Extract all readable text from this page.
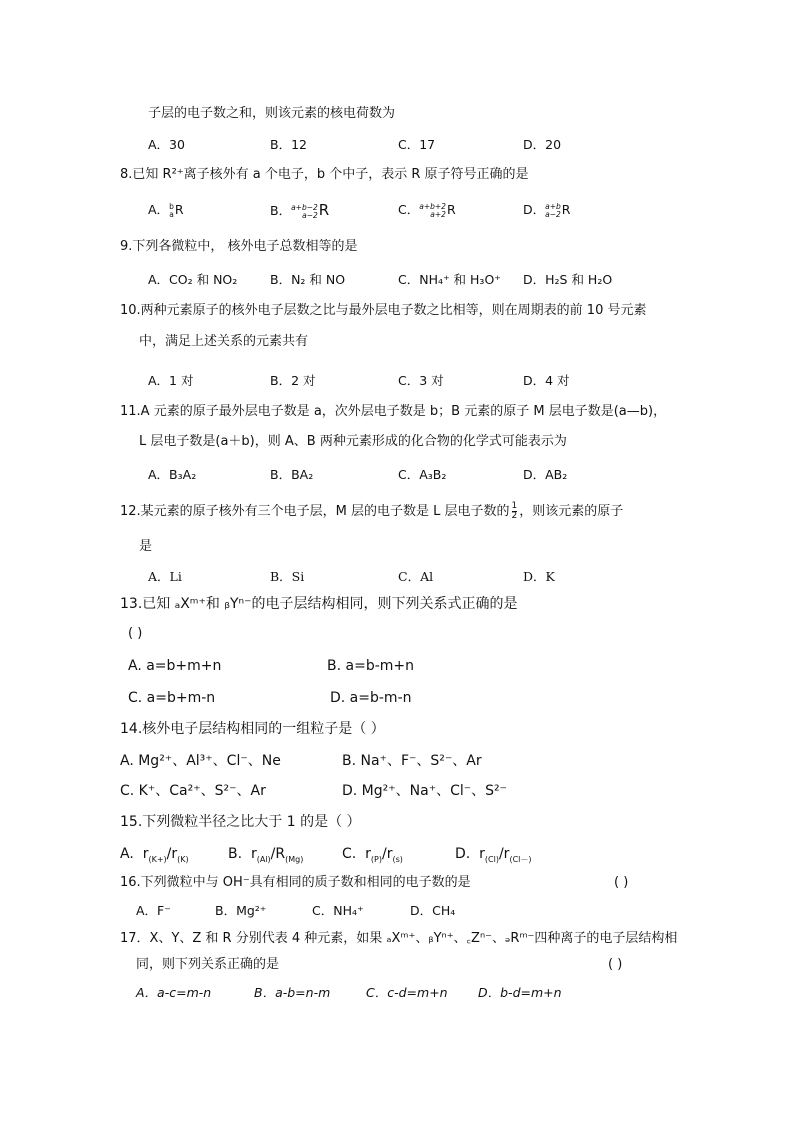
子层的电子数之和，则该元素的核电荷数为
A．30	B．12	C．17	D．20
8.已知 R²⁺离子核外有 a 个电子，b 个中子，表示 R 原子符号正确的是
A．b
aR	B．a+b−2
a−2R	C．a+b+2
a+2R	D．a+b
a−2R
9.下列各微粒中， 核外电子总数相等的是
A．CO₂ 和 NO₂	B．N₂ 和 NO	C．NH₄⁺ 和 H₃O⁺ D．H₂S 和 H₂O
10.两种元素原子的核外电子层数之比与最外层电子数之比相等，则在周期表的前 10 号元素
中，满足上述关系的元素共有
A．1 对	B．2 对	C．3 对	D．4 对
11.A 元素的原子最外层电子数是 a，次外层电子数是 b；B 元素的原子 M 层电子数是(a—b)，
L 层电子数是(a＋b)，则 A、B 两种元素形成的化合物的化学式可能表示为
A．B₃A₂	B．BA₂	C．A₃B₂	D．AB₂
12.某元素的原子核外有三个电子层，M 层的电子数是 L 层电子数的 $\frac{1}{2}$ ，则该元素的原子
是
A．Li	B．Si	C．Al	D．K
13.已知 ₐXᵐ⁺和 ᵦYⁿ⁻的电子层结构相同，则下列关系式正确的是
( )
A. a=b+m+n	B. a=b-m+n
C. a=b+m-n	D. a=b-m-n
14.核外电子层结构相同的一组粒子是（ ）
A. Mg²⁺、Al³⁺、Cl⁻、Ne	B. Na⁺、F⁻、S²⁻、Ar
C. K⁺、Ca²⁺、S²⁻、Ar	D. Mg²⁺、Na⁺、Cl⁻、S²⁻
15.下列微粒半径之比大于 1 的是（ ）
A. $r_{(K+)}/r_{(K)}$	B. $r_{(Al)}/R_{(Mg)}$	C. $r_{(P)}/r_{(s)}$	D. $r_{(Cl)}/r_{(Cl-)}$
16.下列微粒中与 OH⁻具有相同的质子数和相同的电子数的是	( )
A．F⁻	B．Mg²⁺	C．NH₄⁺	D．CH₄
17．X、Y、Z 和 R 分别代表 4 种元素，如果 ₐXᵐ⁺、ᵦYⁿ⁺、꜀Zⁿ⁻、ₔRᵐ⁻四种离子的电子层结构相
同，则下列关系正确的是	( )
A．a-c=m-n	B．a-b=n-m	C．c-d=m+n D．b-d=m+n
